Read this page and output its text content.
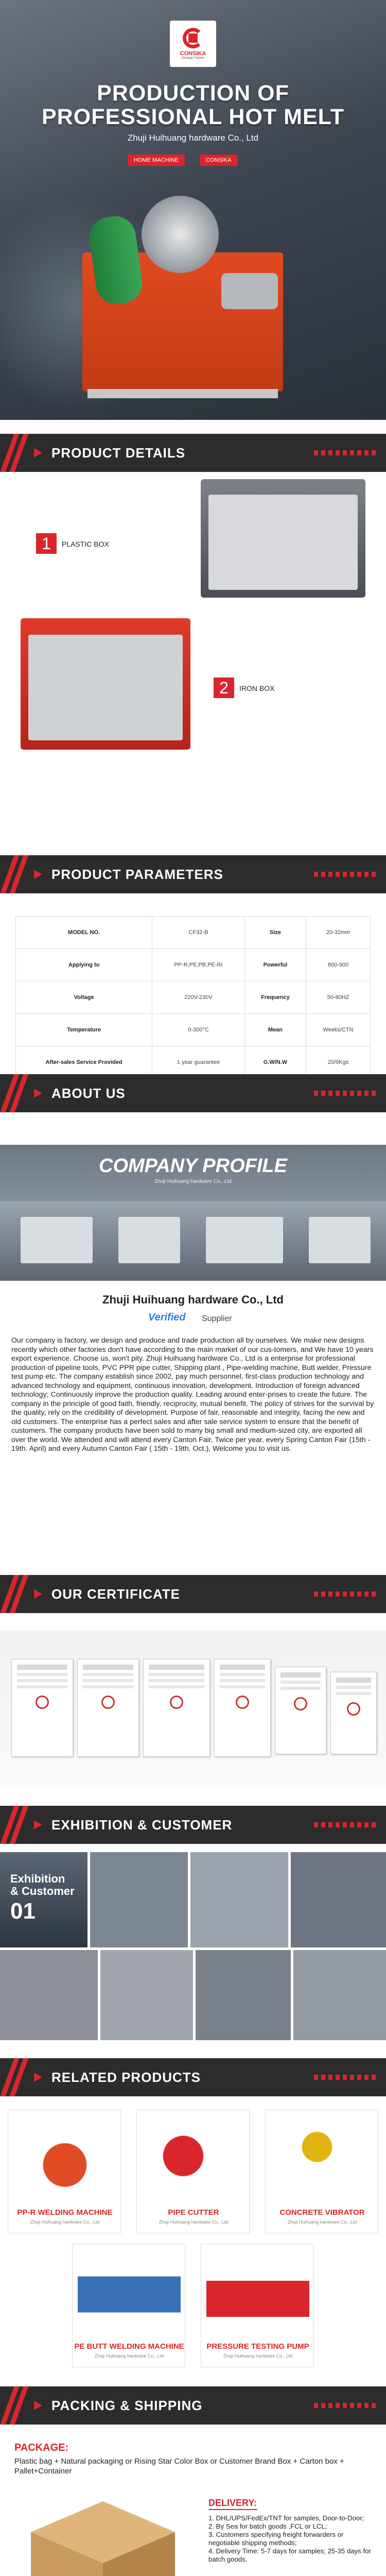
CONSIKA
Strategic Partner
PRODUCTION OF
PROFESSIONAL HOT MELT
Zhuji Huihuang hardware Co., Ltd
HOME MACHINE	CONSIKA
PRODUCT DETAILS
1	PLASTIC BOX
2	IRON BOX
PRODUCT PARAMETERS
MODEL NO.	CF32-B	Size	20-32mm
Applying to	PP-R,PE,PB,PE-RI	Powerful	800-900
Voltage	220V-230V	Frequency	50-60HZ
Temperature	0-300°C	Mean	Weeks/CTN
After-sales Service Provided	1 year guarantee	G.W/N.W	20/9Kgs
ABOUT US
COMPANY PROFILE
Zhuji Huihuang hardware Co., Ltd
Zhuji Huihuang hardware Co., Ltd
Verified Supplier
Our company is factory, we design and produce and trade production all by ourselves. We make new designs recently which other factories don't have according to the main market of our cus-tomers, and We have 10 years export experience. Choose us, won't pity. Zhuji Huihuang hardware Co., Ltd is a enterprise for professional production of pipeline tools, PVC PPR pipe cutter, Shipping plant , Pipe-welding machine, Butt welder, Pressure test pump etc. The company establish since 2002, pay much personnel, first-class production technology and advanced technology and equipment, continuous innovation, development. Introduction of foreign advanced technology; Continuously improve the production quality. Leading around enter-prises to create the future. The company in the principle of good faith, friendly, reciprocity, mutual benefit. The policy of strives for the survival by the quality, rely on the credibility of development. Purpose of fair, reasonable and integrity, facing the new and old customers. The enterprise has a perfect sales and after sale service system to ensure that the benefit of customers. The company products have been sold to many big small and medium-sized city, are exported all over the world. We attended and will attend every Canton Fair, Twice per year, every Spring Canton Fair (15th - 19th. April) and every Autumn Canton Fair ( 15th - 19th. Oct.), Welcome you to visit us.
OUR CERTIFICATE
EXHIBITION & CUSTOMER
Exhibition
& Customer
01
RELATED PRODUCTS
PP-R WELDING MACHINE
Zhuji Huihuang hardware Co., Ltd
PIPE CUTTER
Zhuji Huihuang hardware Co., Ltd
CONCRETE VIBRATOR
Zhuji Huihuang hardware Co., Ltd
PE BUTT WELDING MACHINE
Zhuji Huihuang hardware Co., Ltd
PRESSURE TESTING PUMP
Zhuji Huihuang hardware Co., Ltd
PACKING & SHIPPING
PACKAGE:
Plastic bag + Natural packaging or Rising Star Color Box or Customer Brand Box + Carton box + Pallet+Container
DELIVERY:
1. DHL/UPS/FedEx/TNT for samples, Door-to-Door;
2. By Sea for batch goods ,FCL or LCL;
3. Customers specifying freight forwarders or negotiable shipping methods;
4. Delivery Time: 5-7 days for samples; 25-35 days for batch goods.
